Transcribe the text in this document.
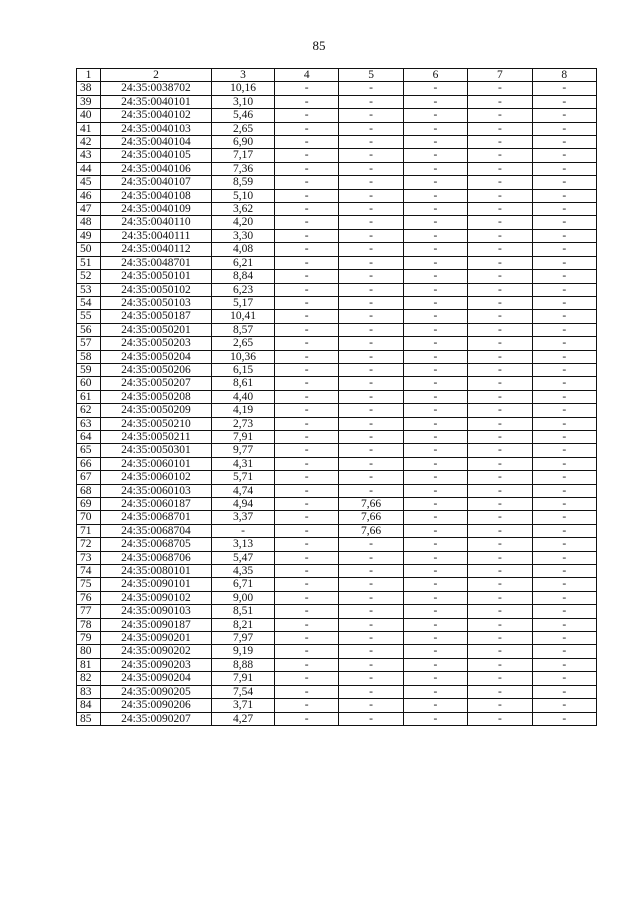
85
1	2	3	4	5	6	7	8
38	24:35:0038702	10,16	-	-	-	-	-
39	24:35:0040101	3,10	-	-	-	-	-
40	24:35:0040102	5,46	-	-	-	-	-
41	24:35:0040103	2,65	-	-	-	-	-
42	24:35:0040104	6,90	-	-	-	-	-
43	24:35:0040105	7,17	-	-	-	-	-
44	24:35:0040106	7,36	-	-	-	-	-
45	24:35:0040107	8,59	-	-	-	-	-
46	24:35:0040108	5,10	-	-	-	-	-
47	24:35:0040109	3,62	-	-	-	-	-
48	24:35:0040110	4,20	-	-	-	-	-
49	24:35:0040111	3,30	-	-	-	-	-
50	24:35:0040112	4,08	-	-	-	-	-
51	24:35:0048701	6,21	-	-	-	-	-
52	24:35:0050101	8,84	-	-	-	-	-
53	24:35:0050102	6,23	-	-	-	-	-
54	24:35:0050103	5,17	-	-	-	-	-
55	24:35:0050187	10,41	-	-	-	-	-
56	24:35:0050201	8,57	-	-	-	-	-
57	24:35:0050203	2,65	-	-	-	-	-
58	24:35:0050204	10,36	-	-	-	-	-
59	24:35:0050206	6,15	-	-	-	-	-
60	24:35:0050207	8,61	-	-	-	-	-
61	24:35:0050208	4,40	-	-	-	-	-
62	24:35:0050209	4,19	-	-	-	-	-
63	24:35:0050210	2,73	-	-	-	-	-
64	24:35:0050211	7,91	-	-	-	-	-
65	24:35:0050301	9,77	-	-	-	-	-
66	24:35:0060101	4,31	-	-	-	-	-
67	24:35:0060102	5,71	-	-	-	-	-
68	24:35:0060103	4,74	-	-	-	-	-
69	24:35:0060187	4,94	-	7,66	-	-	-
70	24:35:0068701	3,37	-	7,66	-	-	-
71	24:35:0068704	-	-	7,66	-	-	-
72	24:35:0068705	3,13	-	-	-	-	-
73	24:35:0068706	5,47	-	-	-	-	-
74	24:35:0080101	4,35	-	-	-	-	-
75	24:35:0090101	6,71	-	-	-	-	-
76	24:35:0090102	9,00	-	-	-	-	-
77	24:35:0090103	8,51	-	-	-	-	-
78	24:35:0090187	8,21	-	-	-	-	-
79	24:35:0090201	7,97	-	-	-	-	-
80	24:35:0090202	9,19	-	-	-	-	-
81	24:35:0090203	8,88	-	-	-	-	-
82	24:35:0090204	7,91	-	-	-	-	-
83	24:35:0090205	7,54	-	-	-	-	-
84	24:35:0090206	3,71	-	-	-	-	-
85	24:35:0090207	4,27	-	-	-	-	-
